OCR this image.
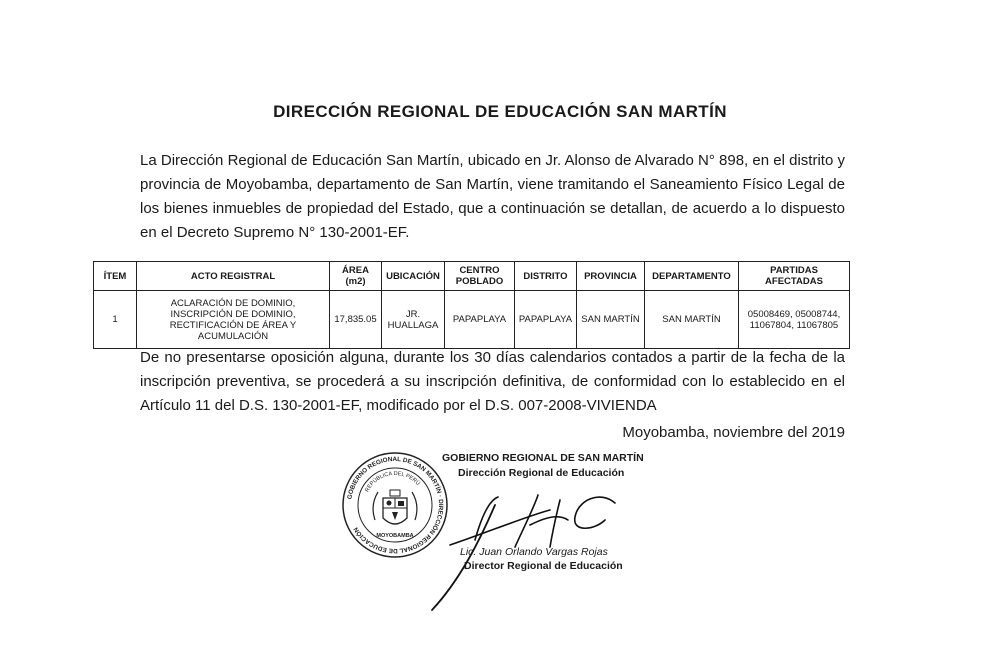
DIRECCIÓN REGIONAL DE EDUCACIÓN SAN MARTÍN
La Dirección Regional de Educación San Martín, ubicado en Jr. Alonso de Alvarado N° 898, en el distrito y provincia de Moyobamba, departamento de San Martín, viene tramitando el Saneamiento Físico Legal de los bienes inmuebles de propiedad del Estado, que a continuación se detallan, de acuerdo a lo dispuesto en el Decreto Supremo N° 130-2001-EF.
ÍTEM	ACTO REGISTRAL	ÁREA (m2)	UBICACIÓN	CENTRO POBLADO	DISTRITO	PROVINCIA	DEPARTAMENTO	PARTIDAS AFECTADAS
1	ACLARACIÓN DE DOMINIO, INSCRIPCIÓN DE DOMINIO, RECTIFICACIÓN DE ÁREA Y ACUMULACIÓN	17,835.05	JR. HUALLAGA	PAPAPLAYA	PAPAPLAYA	SAN MARTÍN	SAN MARTÍN	05008469, 05008744, 11067804, 11067805
De no presentarse oposición alguna, durante los 30 días calendarios contados a partir de la fecha de la inscripción preventiva, se procederá a su inscripción definitiva, de conformidad con lo establecido en el Artículo 11 del D.S. 130-2001-EF, modificado por el D.S. 007-2008-VIVIENDA
Moyobamba, noviembre del 2019
GOBIERNO REGIONAL DE SAN MARTÍN
Dirección Regional de Educación
GOBIERNO REGIONAL DE SAN MARTÍN · DIRECCIÓN REGIONAL DE EDUCACIÓN
REPÚBLICA DEL PERÚ
MOYOBAMBA
Lic. Juan Orlando Vargas Rojas
Director Regional de Educación
